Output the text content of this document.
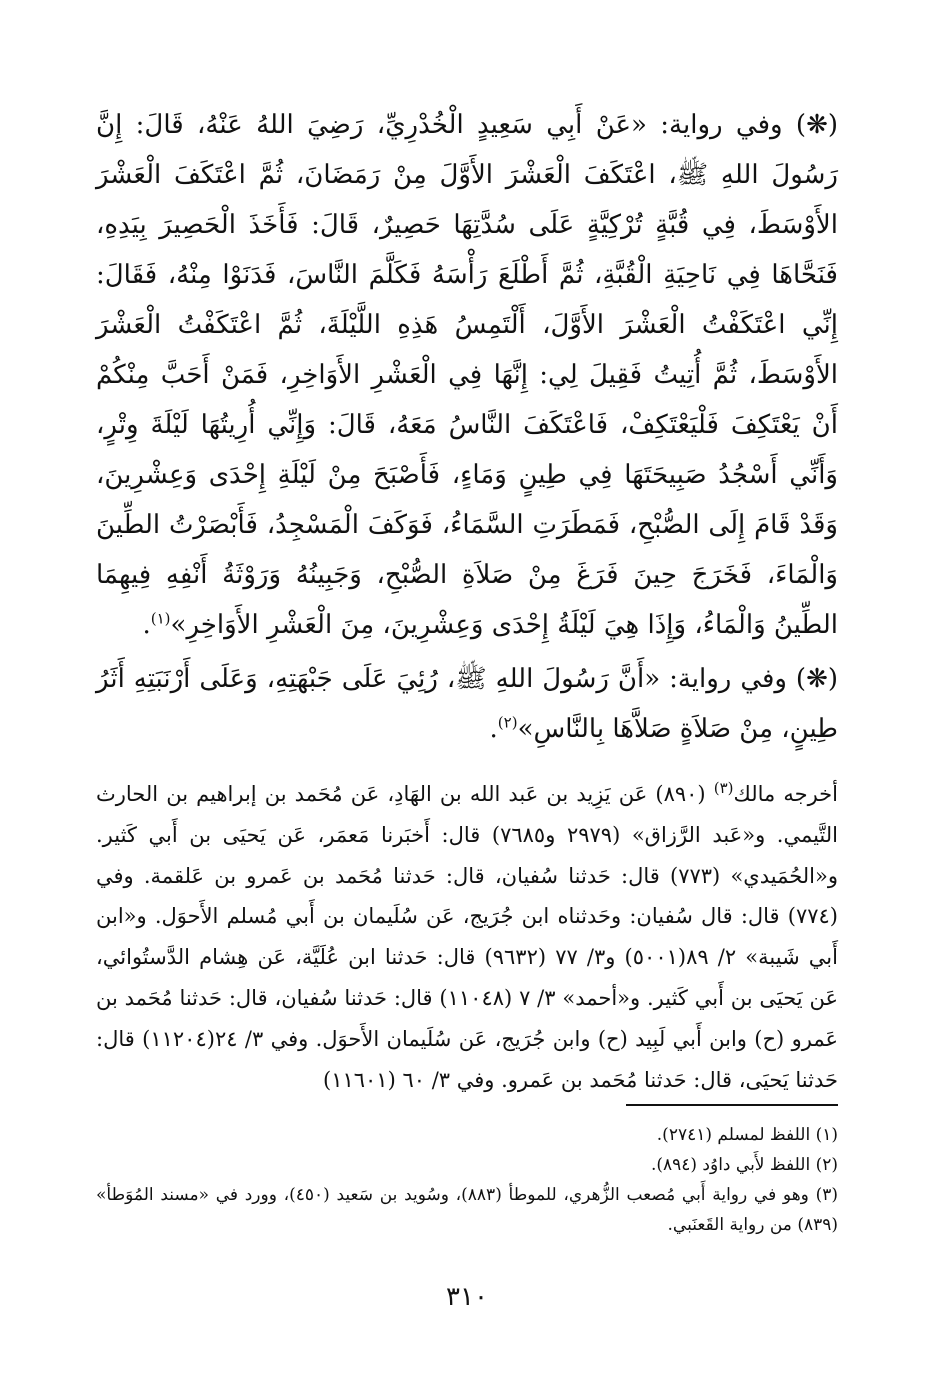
(❋) وفي رواية: «عَنْ أَبِي سَعِيدٍ الْخُدْرِيِّ، رَضِيَ اللهُ عَنْهُ، قَالَ: إِنَّ رَسُولَ اللهِ ﷺ، اعْتَكَفَ الْعَشْرَ الأَوَّلَ مِنْ رَمَضَانَ، ثُمَّ اعْتَكَفَ الْعَشْرَ الأَوْسَطَ، فِي قُبَّةٍ تُرْكِيَّةٍ عَلَى سُدَّتِهَا حَصِيرٌ، قَالَ: فَأَخَذَ الْحَصِيرَ بِيَدِهِ، فَنَحَّاهَا فِي نَاحِيَةِ الْقُبَّةِ، ثُمَّ أَطْلَعَ رَأْسَهُ فَكَلَّمَ النَّاسَ، فَدَنَوْا مِنْهُ، فَقَالَ: إِنِّي اعْتَكَفْتُ الْعَشْرَ الأَوَّلَ، أَلْتَمِسُ هَذِهِ اللَّيْلَةَ، ثُمَّ اعْتَكَفْتُ الْعَشْرَ الأَوْسَطَ، ثُمَّ أُتِيتُ فَقِيلَ لِي: إِنَّهَا فِي الْعَشْرِ الأَوَاخِرِ، فَمَنْ أَحَبَّ مِنْكُمْ أَنْ يَعْتَكِفَ فَلْيَعْتَكِفْ، فَاعْتَكَفَ النَّاسُ مَعَهُ، قَالَ: وَإِنِّي أُرِيتُهَا لَيْلَةَ وِتْرٍ، وَأَنِّي أَسْجُدُ صَبِيحَتَهَا فِي طِينٍ وَمَاءٍ، فَأَصْبَحَ مِنْ لَيْلَةِ إِحْدَى وَعِشْرِينَ، وَقَدْ قَامَ إِلَى الصُّبْحِ، فَمَطَرَتِ السَّمَاءُ، فَوَكَفَ الْمَسْجِدُ، فَأَبْصَرْتُ الطِّينَ وَالْمَاءَ، فَخَرَجَ حِينَ فَرَغَ مِنْ صَلاَةِ الصُّبْحِ، وَجَبِينُهُ وَرَوْثَةُ أَنْفِهِ فِيهِمَا الطِّينُ وَالْمَاءُ، وَإِذَا هِيَ لَيْلَةُ إِحْدَى وَعِشْرِينَ، مِنَ الْعَشْرِ الأَوَاخِرِ»$^{(١)}$.

(❋) وفي رواية: «أَنَّ رَسُولَ اللهِ ﷺ، رُئِيَ عَلَى جَبْهَتِهِ، وَعَلَى أَرْنَبَتِهِ أَثَرُ طِينٍ، مِنْ صَلاَةٍ صَلاَّهَا بِالنَّاسِ»$^{(٢)}$.

أخرجه مالك$^{(٣)}$ (٨٩٠) عَن يَزِيد بن عَبد الله بن الهَادِ، عَن مُحَمد بن إبراهيم بن الحارث التَّيمي. و«عَبد الرَّزاق» (٢٩٧٩ و٧٦٨٥) قال: أَخبَرنا مَعمَر، عَن يَحيَى بن أَبي كَثير. و«الحُمَيدي» (٧٧٣) قال: حَدثنا سُفيان، قال: حَدثنا مُحَمد بن عَمرو بن عَلقمة. وفي (٧٧٤) قال: قال سُفيان: وحَدثناه ابن جُرَيج، عَن سُلَيمان بن أَبي مُسلم الأَحوَل. و«ابن أَبي شَيبة» ٢/ ٨٩(٥٠٠١) و٣/ ٧٧ (٩٦٣٢) قال: حَدثنا ابن عُلَيَّة، عَن هِشام الدَّستُوائي، عَن يَحيَى بن أَبي كَثير. و«أحمد» ٣/ ٧ (١١٠٤٨) قال: حَدثنا سُفيان، قال: حَدثنا مُحَمد بن عَمرو (ح) وابن أَبي لَبِيد (ح) وابن جُرَيج، عَن سُلَيمان الأَحوَل. وفي ٣/ ٢٤(١١٢٠٤) قال: حَدثنا يَحيَى، قال: حَدثنا مُحَمد بن عَمرو. وفي ٣/ ٦٠ (١١٦٠١)

(١) اللفظ لمسلم (٢٧٤١).

(٢) اللفظ لأَبي داوُد (٨٩٤).

(٣) وهو في رواية أَبي مُصعب الزُّهري، للموطأ (٨٨٣)، وسُويد بن سَعيد (٤٥٠)، وورد في «مسند المُوَطأ» (٨٣٩) من رواية القَعنَبي.

٣١٠
